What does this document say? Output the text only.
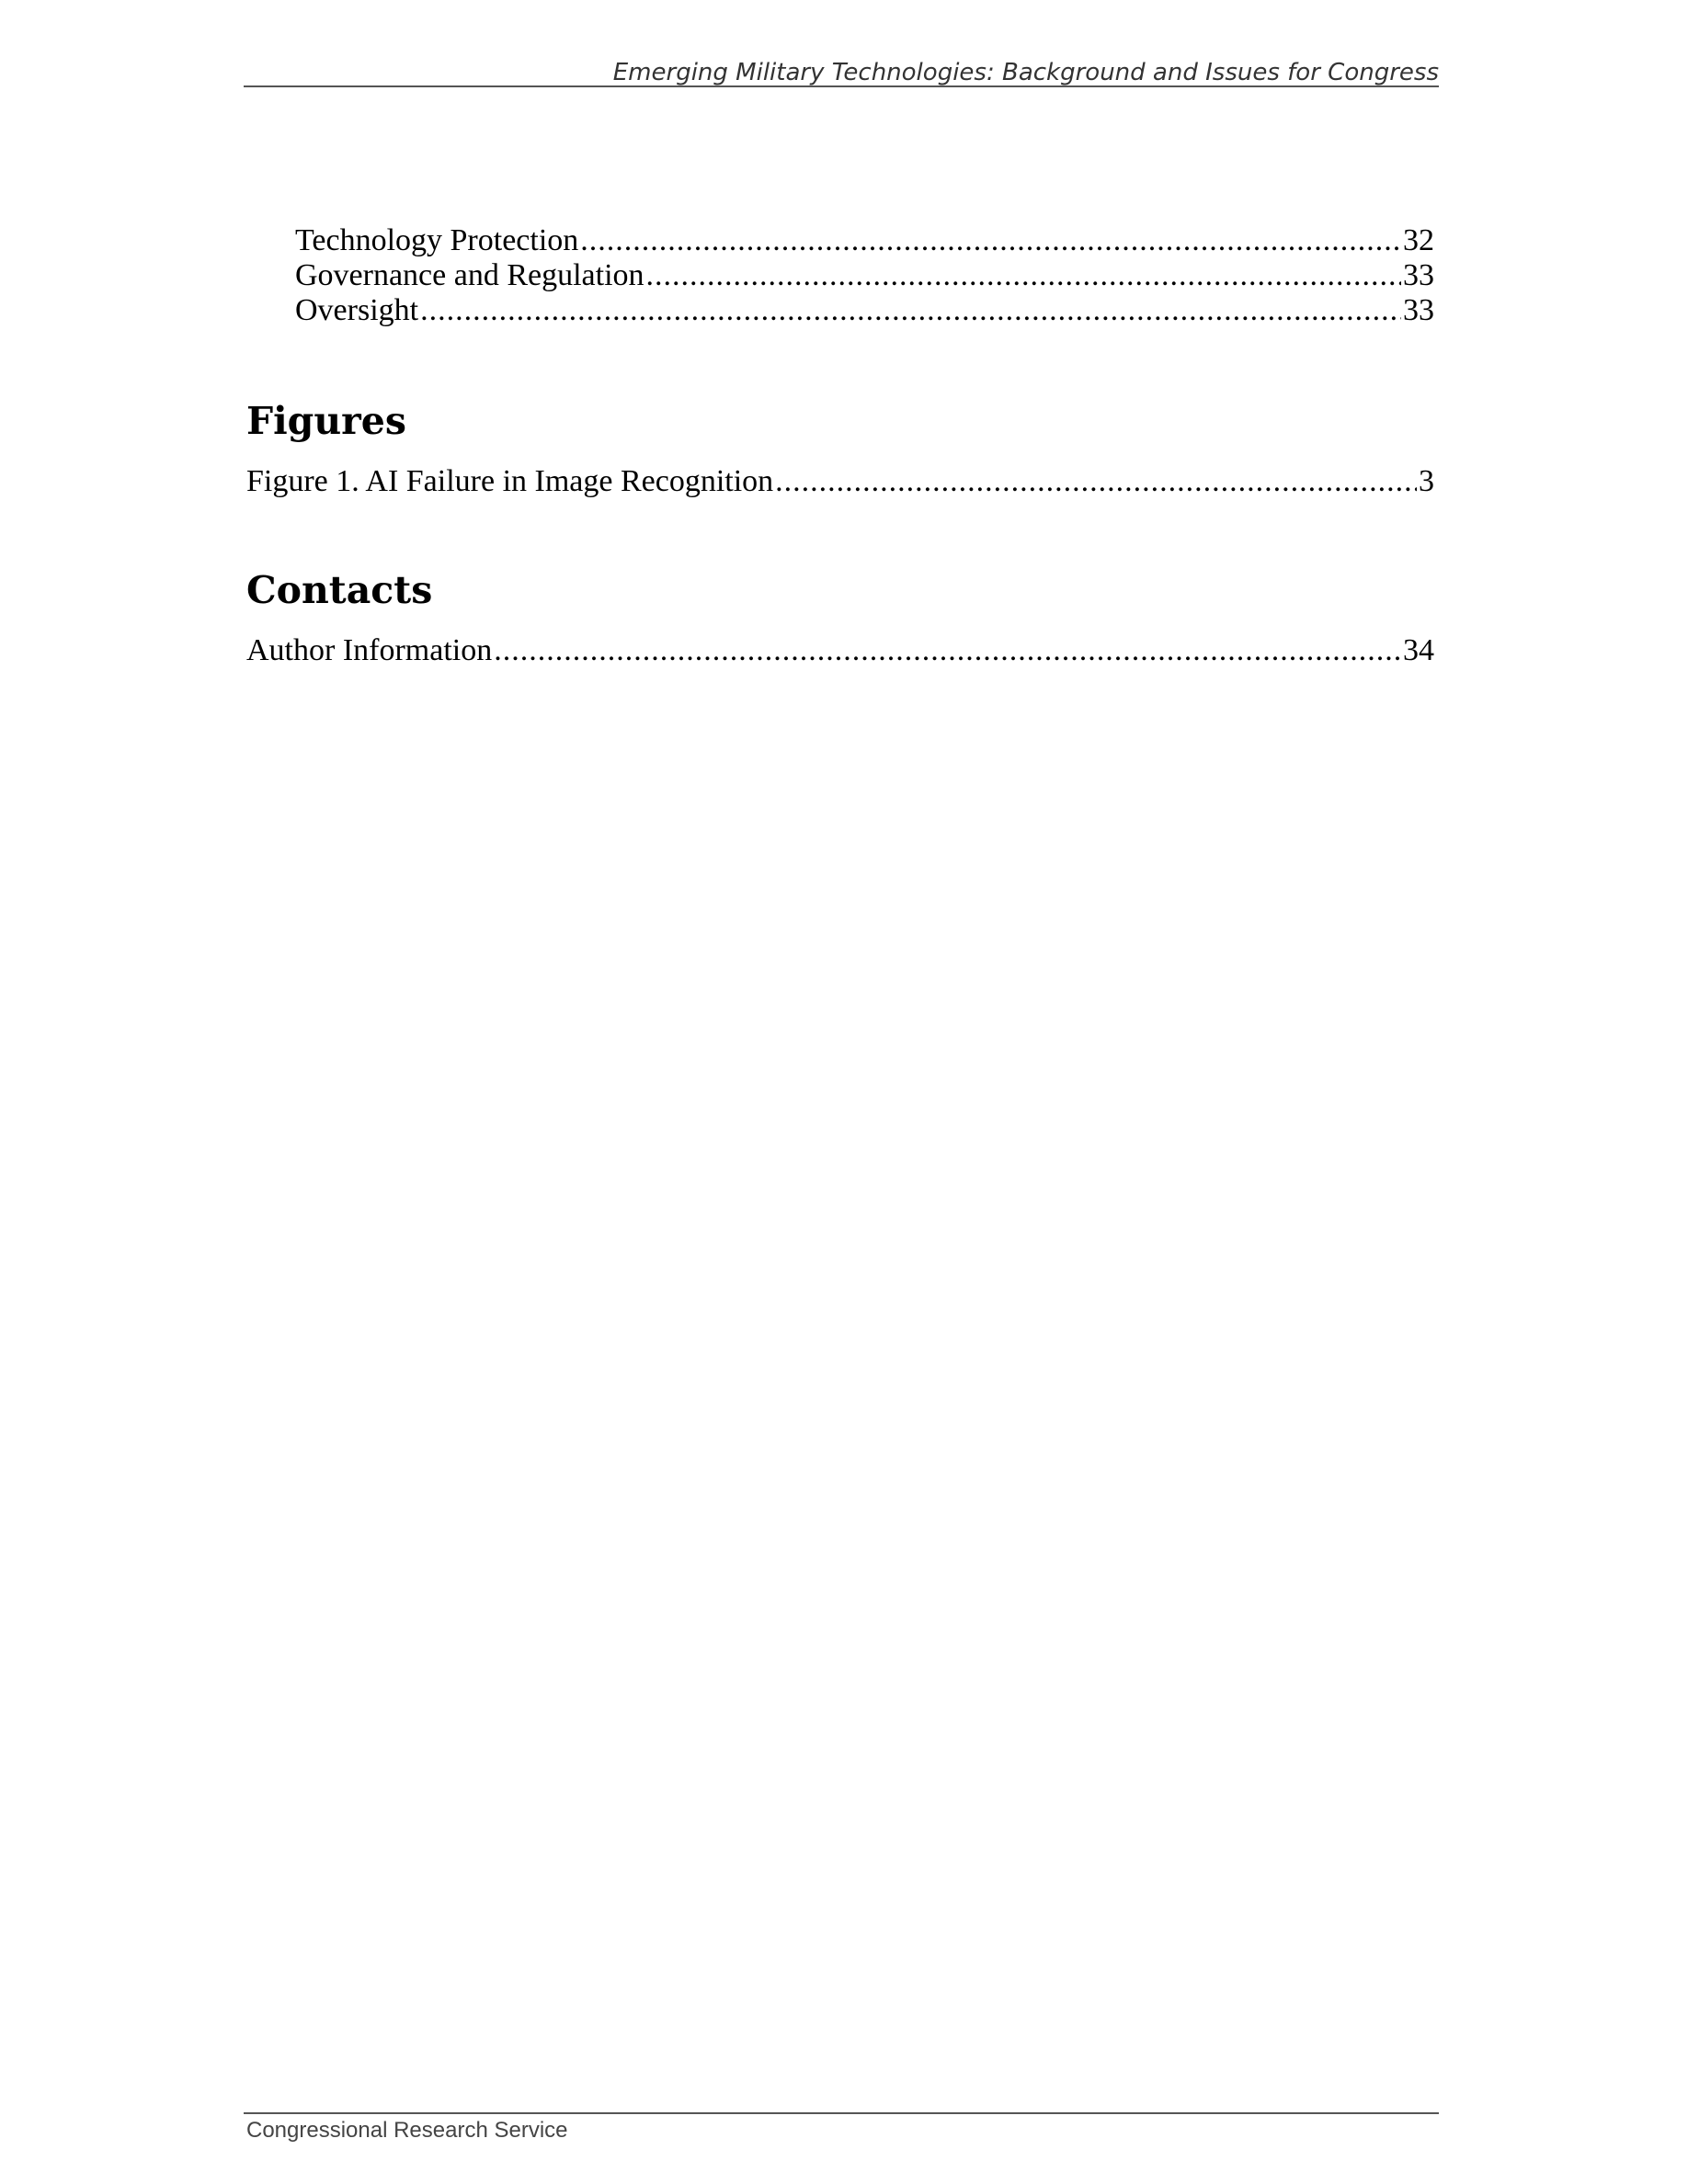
Emerging Military Technologies: Background and Issues for Congress
Technology Protection .....	32
Governance and Regulation .....	33
Oversight .....	33
Figures
Figure 1. AI Failure in Image Recognition .....	3
Contacts
Author Information .....	34
Congressional Research Service
